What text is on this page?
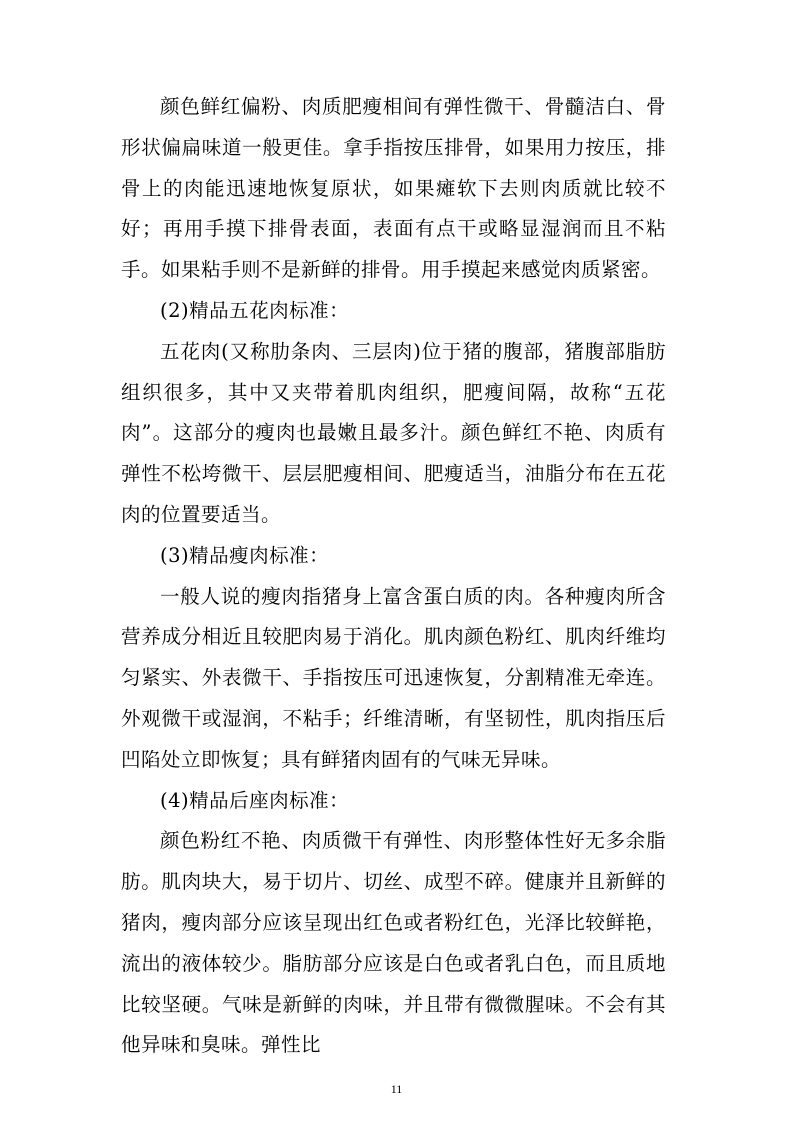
颜色鲜红偏粉、肉质肥瘦相间有弹性微干、骨髓洁白、骨形状偏扁味道一般更佳。拿手指按压排骨，如果用力按压，排骨上的肉能迅速地恢复原状，如果瘫软下去则肉质就比较不好；再用手摸下排骨表面，表面有点干或略显湿润而且不粘手。如果粘手则不是新鲜的排骨。用手摸起来感觉肉质紧密。

(2)精品五花肉标准：

五花肉(又称肋条肉、三层肉)位于猪的腹部，猪腹部脂肪组织很多，其中又夹带着肌肉组织，肥瘦间隔，故称“五花肉”。这部分的瘦肉也最嫩且最多汁。颜色鲜红不艳、肉质有弹性不松垮微干、层层肥瘦相间、肥瘦适当，油脂分布在五花肉的位置要适当。

(3)精品瘦肉标准：

一般人说的瘦肉指猪身上富含蛋白质的肉。各种瘦肉所含营养成分相近且较肥肉易于消化。肌肉颜色粉红、肌肉纤维均匀紧实、外表微干、手指按压可迅速恢复，分割精准无牵连。外观微干或湿润，不粘手；纤维清晰，有坚韧性，肌肉指压后凹陷处立即恢复；具有鲜猪肉固有的气味无异味。

(4)精品后座肉标准：

颜色粉红不艳、肉质微干有弹性、肉形整体性好无多余脂肪。肌肉块大，易于切片、切丝、成型不碎。健康并且新鲜的猪肉，瘦肉部分应该呈现出红色或者粉红色，光泽比较鲜艳，流出的液体较少。脂肪部分应该是白色或者乳白色，而且质地比较坚硬。气味是新鲜的肉味，并且带有微微腥味。不会有其他异味和臭味。弹性比

11
